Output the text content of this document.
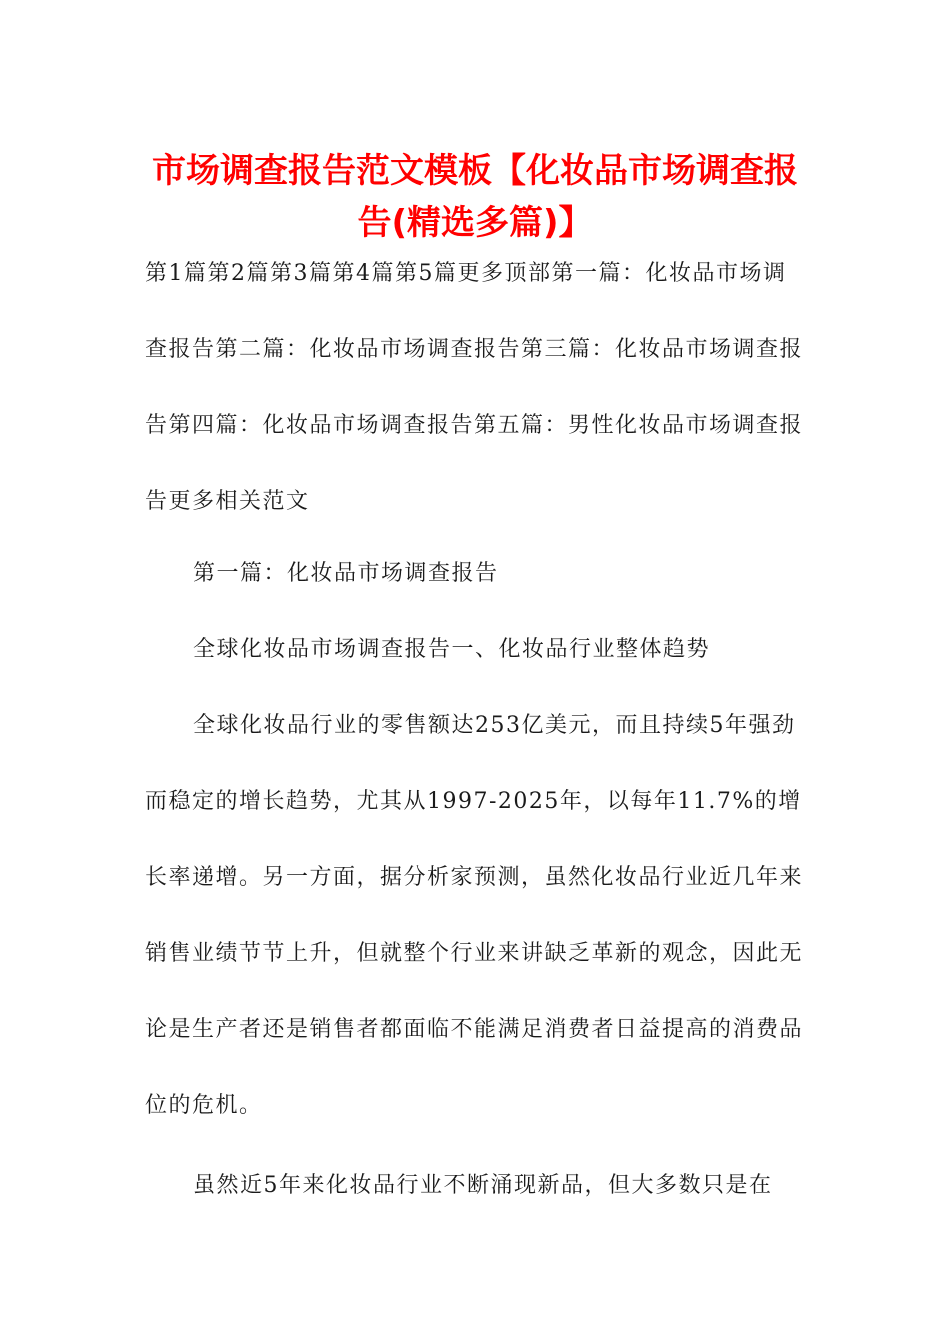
市场调查报告范文模板【化妆品市场调查报告(精选多篇)】

第1篇第2篇第3篇第4篇第5篇更多顶部第一篇：化妆品市场调查报告第二篇：化妆品市场调查报告第三篇：化妆品市场调查报告第四篇：化妆品市场调查报告第五篇：男性化妆品市场调查报告更多相关范文

第一篇：化妆品市场调查报告

全球化妆品市场调查报告一、化妆品行业整体趋势

全球化妆品行业的零售额达253亿美元，而且持续5年强劲而稳定的增长趋势，尤其从1997-2025年，以每年11.7%的增长率递增。另一方面，据分析家预测，虽然化妆品行业近几年来销售业绩节节上升，但就整个行业来讲缺乏革新的观念，因此无论是生产者还是销售者都面临不能满足消费者日益提高的消费品位的危机。

虽然近5年来化妆品行业不断涌现新品，但大多数只是在
